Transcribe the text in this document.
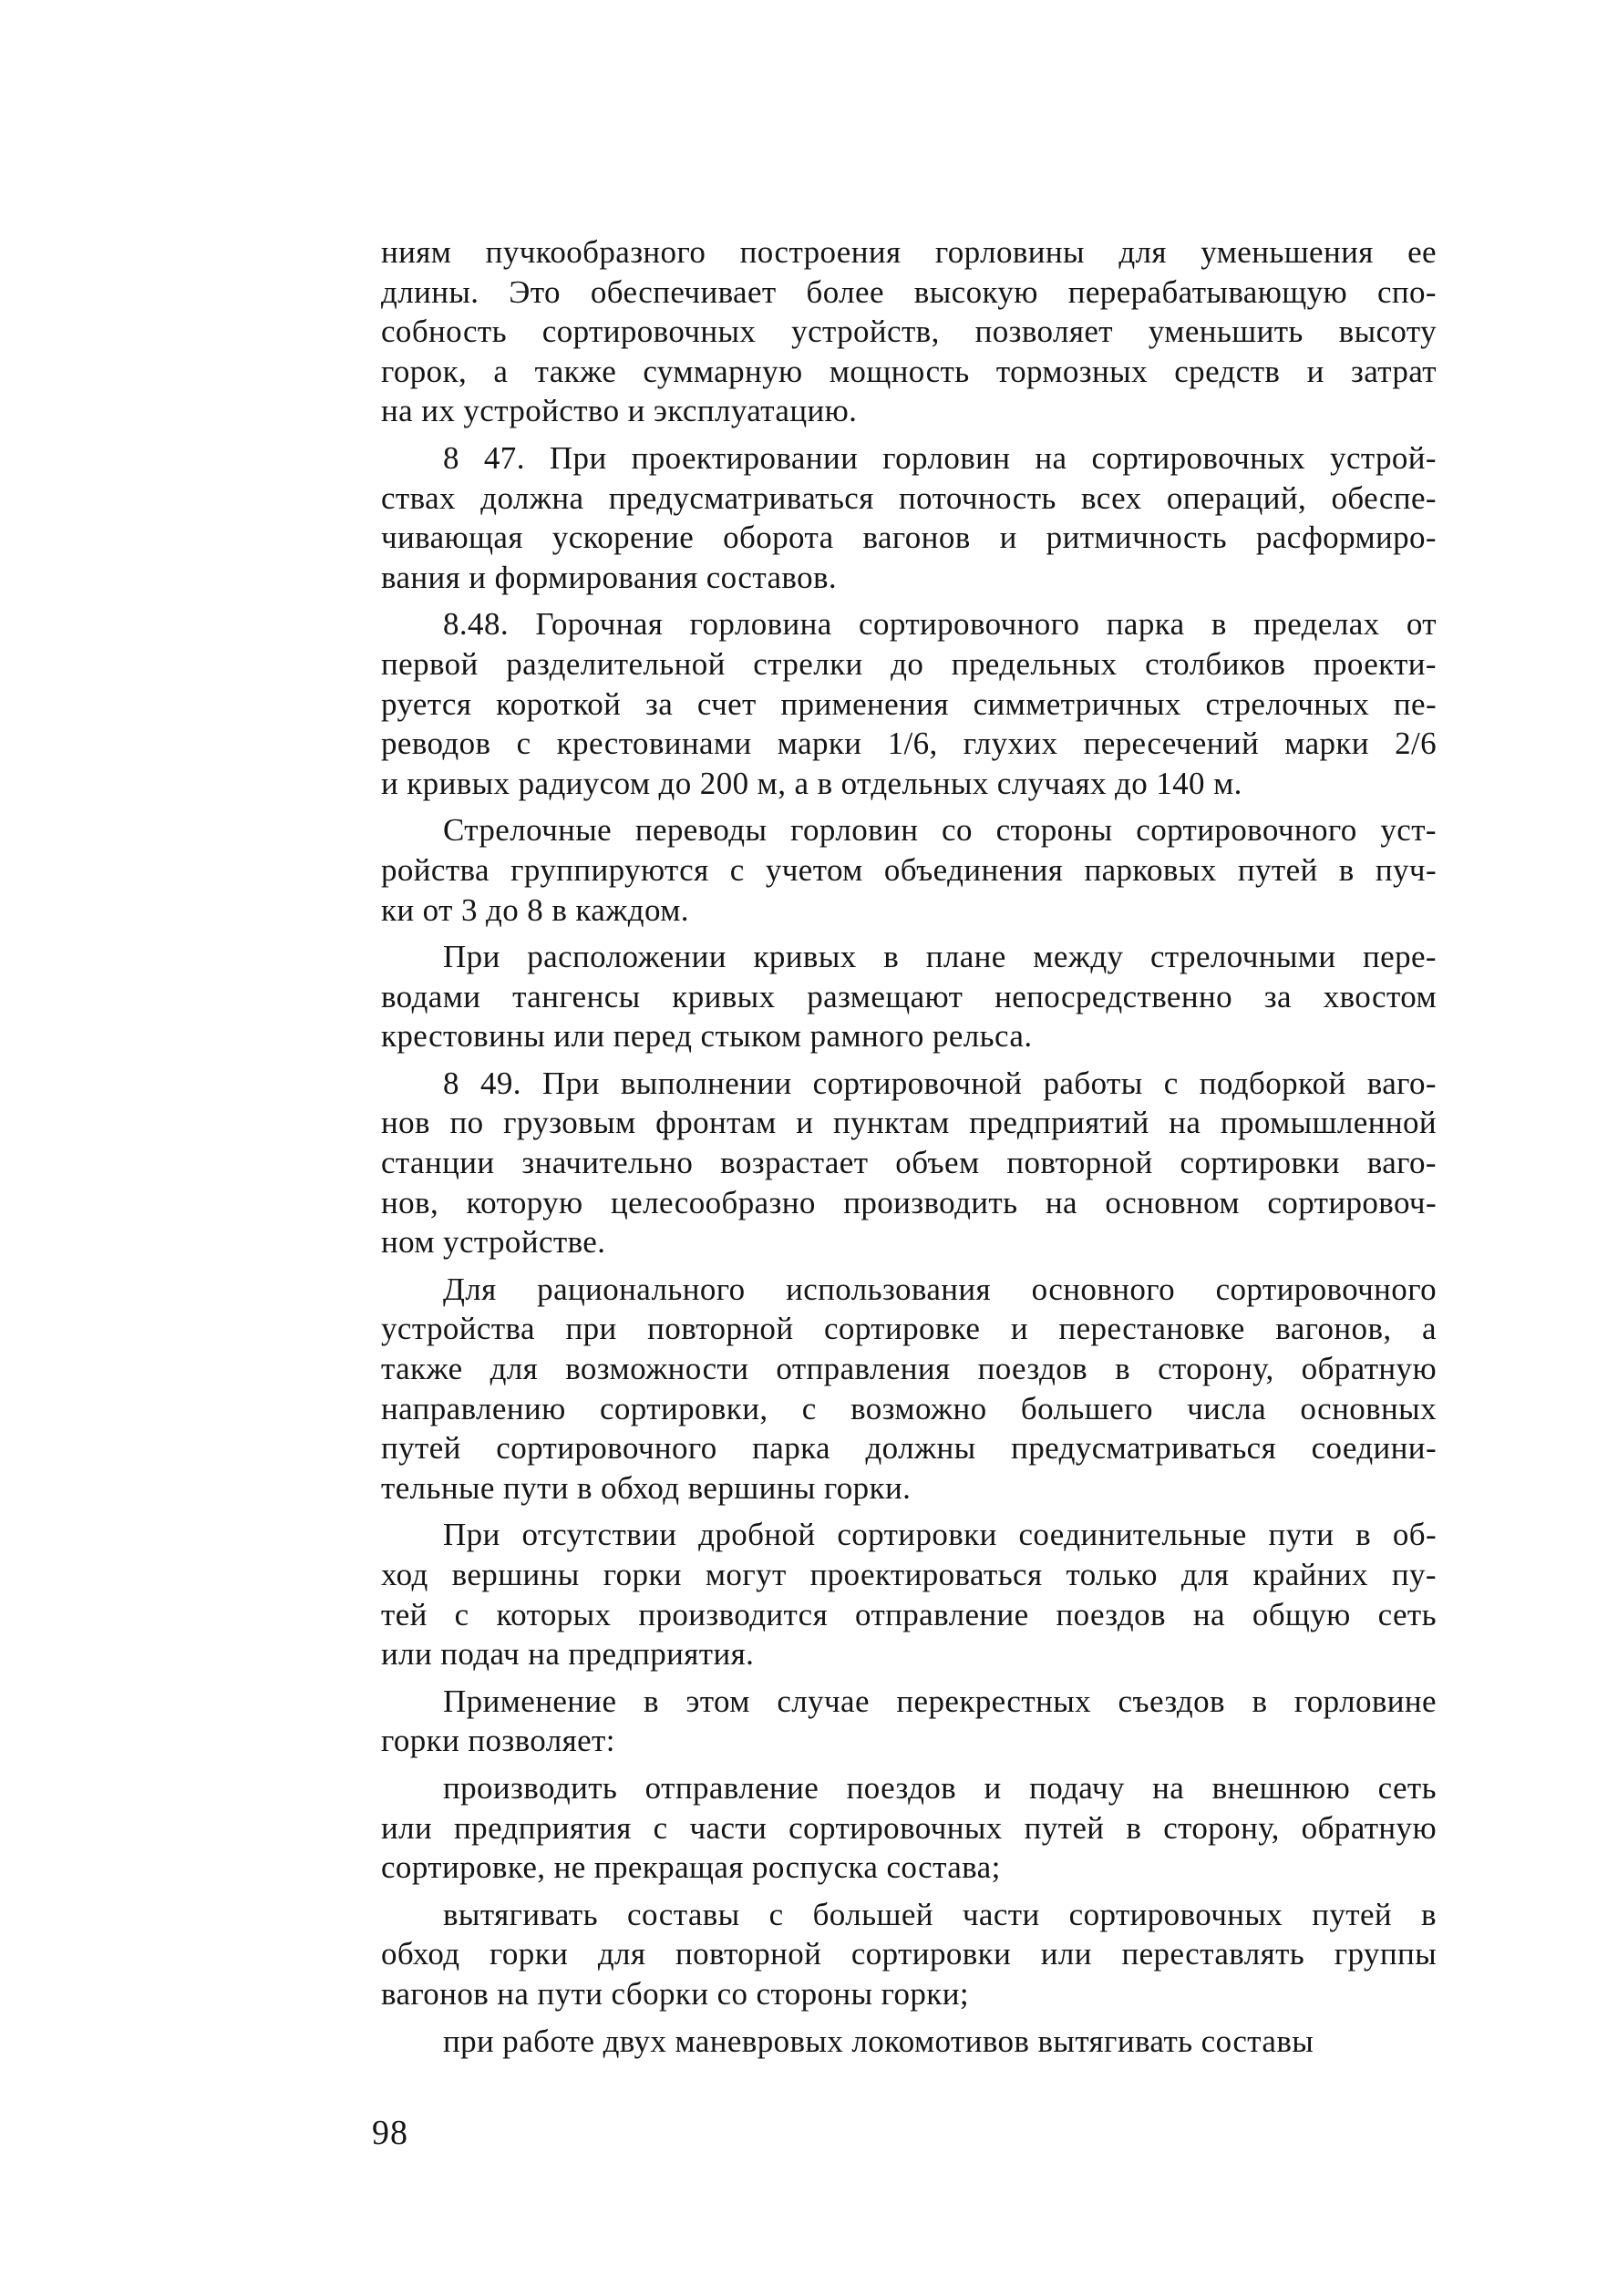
ниям пучкообразного построения горловины для уменьшения ее
длины. Это обеспечивает более высокую перерабатывающую спо-
собность сортировочных устройств, позволяет уменьшить высоту
горок, а также суммарную мощность тормозных средств и затрат
на их устройство и эксплуатацию.
8 47. При проектировании горловин на сортировочных устрой-
ствах должна предусматриваться поточность всех операций, обеспе-
чивающая ускорение оборота вагонов и ритмичность расформиро-
вания и формирования составов.
8.48. Горочная горловина сортировочного парка в пределах от
первой разделительной стрелки до предельных столбиков проекти-
руется короткой за счет применения симметричных стрелочных пе-
реводов с крестовинами марки 1/6, глухих пересечений марки 2/6
и кривых радиусом до 200 м, а в отдельных случаях до 140 м.
Стрелочные переводы горловин со стороны сортировочного уст-
ройства группируются с учетом объединения парковых путей в пуч-
ки от 3 до 8 в каждом.
При расположении кривых в плане между стрелочными пере-
водами тангенсы кривых размещают непосредственно за хвостом
крестовины или перед стыком рамного рельса.
8 49. При выполнении сортировочной работы с подборкой ваго-
нов по грузовым фронтам и пунктам предприятий на промышленной
станции значительно возрастает объем повторной сортировки ваго-
нов, которую целесообразно производить на основном сортировоч-
ном устройстве.
Для рационального использования основного сортировочного
устройства при повторной сортировке и перестановке вагонов, а
также для возможности отправления поездов в сторону, обратную
направлению сортировки, с возможно большего числа основных
путей сортировочного парка должны предусматриваться соедини-
тельные пути в обход вершины горки.
При отсутствии дробной сортировки соединительные пути в об-
ход вершины горки могут проектироваться только для крайних пу-
тей с которых производится отправление поездов на общую сеть
или подач на предприятия.
Применение в этом случае перекрестных съездов в горловине
горки позволяет:
производить отправление поездов и подачу на внешнюю сеть
или предприятия с части сортировочных путей в сторону, обратную
сортировке, не прекращая роспуска состава;
вытягивать составы с большей части сортировочных путей в
обход горки для повторной сортировки или переставлять группы
вагонов на пути сборки со стороны горки;
при работе двух маневровых локомотивов вытягивать составы
98
